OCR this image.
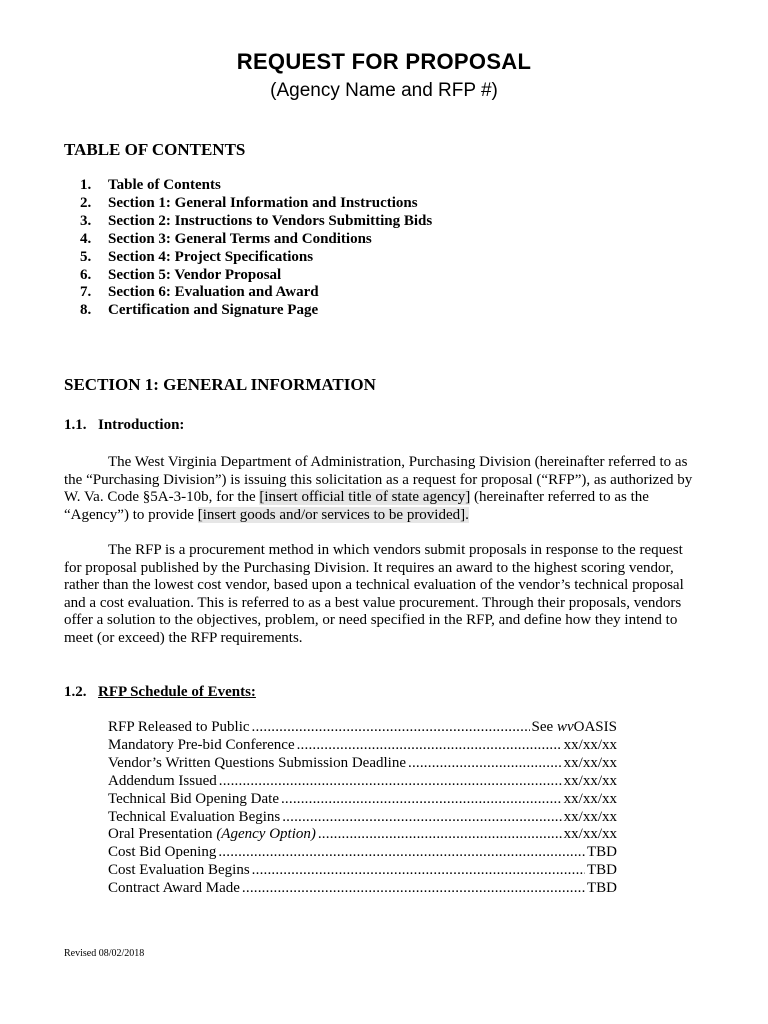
REQUEST FOR PROPOSAL
(Agency Name and RFP #)
TABLE OF CONTENTS
1.	Table of Contents
2.	Section 1: General Information and Instructions
3.	Section 2: Instructions to Vendors Submitting Bids
4.	Section 3: General Terms and Conditions
5.	Section 4: Project Specifications
6.	Section 5: Vendor Proposal
7.	Section 6: Evaluation and Award
8.	Certification and Signature Page
SECTION 1: GENERAL INFORMATION
1.1. Introduction:

The West Virginia Department of Administration, Purchasing Division (hereinafter referred to as
the “Purchasing Division”) is issuing this solicitation as a request for proposal (“RFP”), as authorized by
W. Va. Code §5A-3-10b, for the [insert official title of state agency] (hereinafter referred to as the
“Agency”) to provide [insert goods and/or services to be provided].

The RFP is a procurement method in which vendors submit proposals in response to the request
for proposal published by the Purchasing Division. It requires an award to the highest scoring vendor,
rather than the lowest cost vendor, based upon a technical evaluation of the vendor’s technical proposal
and a cost evaluation. This is referred to as a best value procurement. Through their proposals, vendors
offer a solution to the objectives, problem, or need specified in the RFP, and define how they intend to
meet (or exceed) the RFP requirements.

1.2. RFP Schedule of Events:
RFP Released to Public .....	See wvOASIS
Mandatory Pre-bid Conference .....	xx/xx/xx
Vendor’s Written Questions Submission Deadline .....	xx/xx/xx
Addendum Issued .....	xx/xx/xx
Technical Bid Opening Date .....	xx/xx/xx
Technical Evaluation Begins .....	xx/xx/xx
Oral Presentation (Agency Option) .....	xx/xx/xx
Cost Bid Opening .....	TBD
Cost Evaluation Begins .....	TBD
Contract Award Made .....	TBD
Revised 08/02/2018
